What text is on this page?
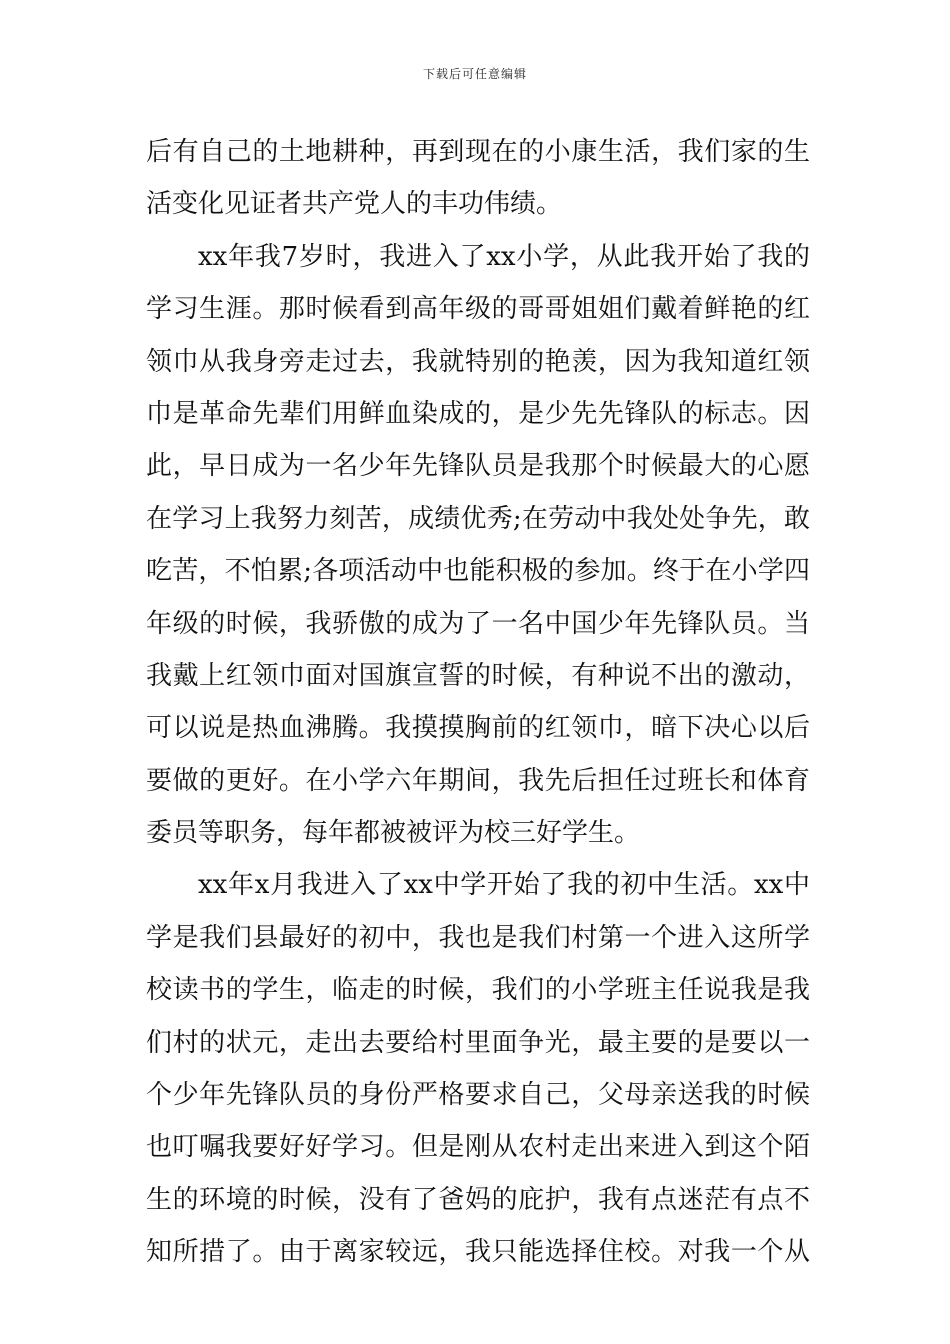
下载后可任意编辑
后有自己的土地耕种，再到现在的小康生活，我们家的生
活变化见证者共产党人的丰功伟绩。
xx年我7岁时，我进入了xx小学，从此我开始了我的
学习生涯。那时候看到高年级的哥哥姐姐们戴着鲜艳的红
领巾从我身旁走过去，我就特别的艳羡，因为我知道红领
巾是革命先辈们用鲜血染成的，是少先先锋队的标志。因
此，早日成为一名少年先锋队员是我那个时候最大的心愿
在学习上我努力刻苦，成绩优秀;在劳动中我处处争先，敢
吃苦，不怕累;各项活动中也能积极的参加。终于在小学四
年级的时候，我骄傲的成为了一名中国少年先锋队员。当
我戴上红领巾面对国旗宣誓的时候，有种说不出的激动，
可以说是热血沸腾。我摸摸胸前的红领巾，暗下决心以后
要做的更好。在小学六年期间，我先后担任过班长和体育
委员等职务，每年都被被评为校三好学生。
xx年x月我进入了xx中学开始了我的初中生活。xx中
学是我们县最好的初中，我也是我们村第一个进入这所学
校读书的学生，临走的时候，我们的小学班主任说我是我
们村的状元，走出去要给村里面争光，最主要的是要以一
个少年先锋队员的身份严格要求自己，父母亲送我的时候
也叮嘱我要好好学习。但是刚从农村走出来进入到这个陌
生的环境的时候，没有了爸妈的庇护，我有点迷茫有点不
知所措了。由于离家较远，我只能选择住校。对我一个从
